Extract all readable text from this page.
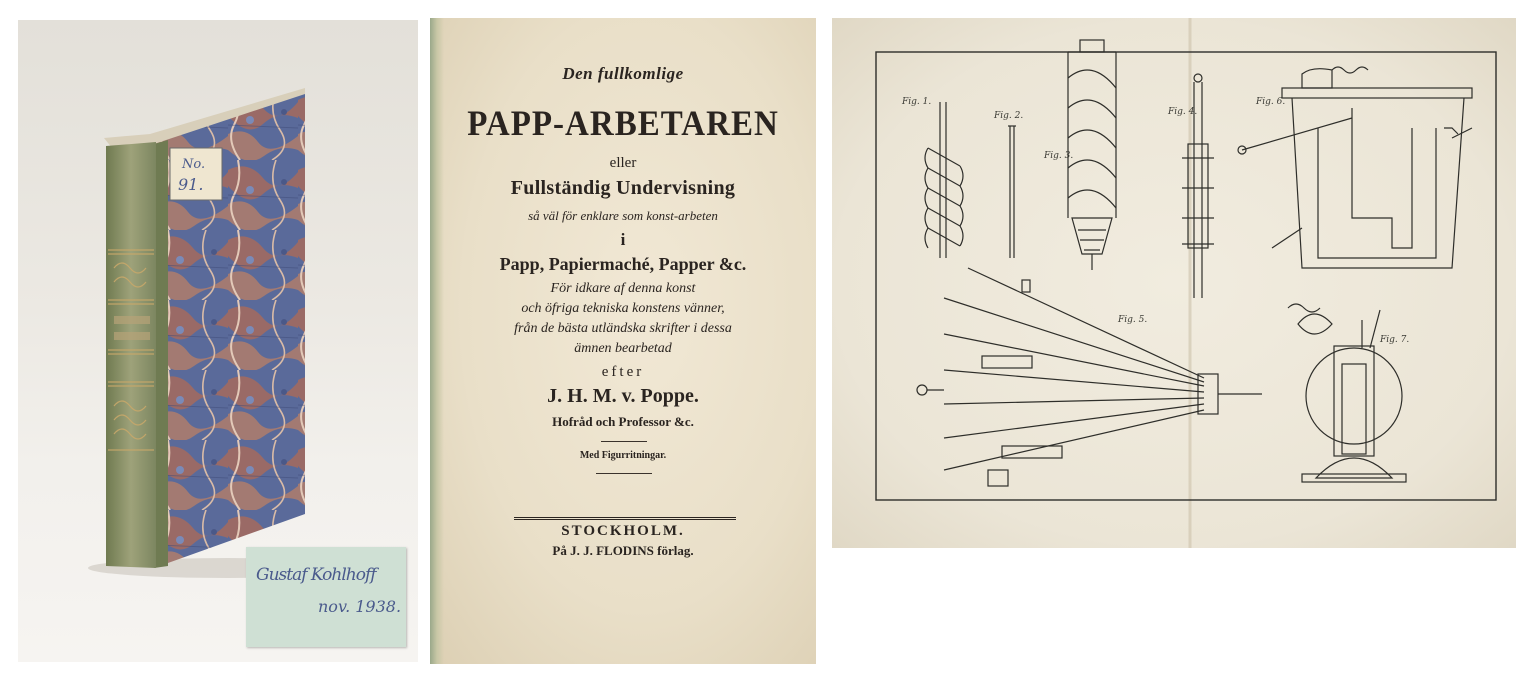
No.
91.
Gustaf Kohlhoff
nov. 1938.
Den fullkomlige
PAPP-ARBETAREN
eller
Fullständig Undervisning
så väl för enklare som konst-arbeten
i
Papp, Papiermaché, Papper &c.
För idkare af denna konst
och öfriga tekniska konstens vänner,
från de bästa utländska skrifter i dessa
ämnen bearbetad
efter
J. H. M. v. Poppe.
Hofråd och Professor &c.
Med Figurritningar.
STOCKHOLM.
På J. J. FLODINS förlag.
Fig. 1.
Fig. 2.
Fig. 3.
Fig. 4.
Fig. 5.
Fig. 6.
Fig. 7.
